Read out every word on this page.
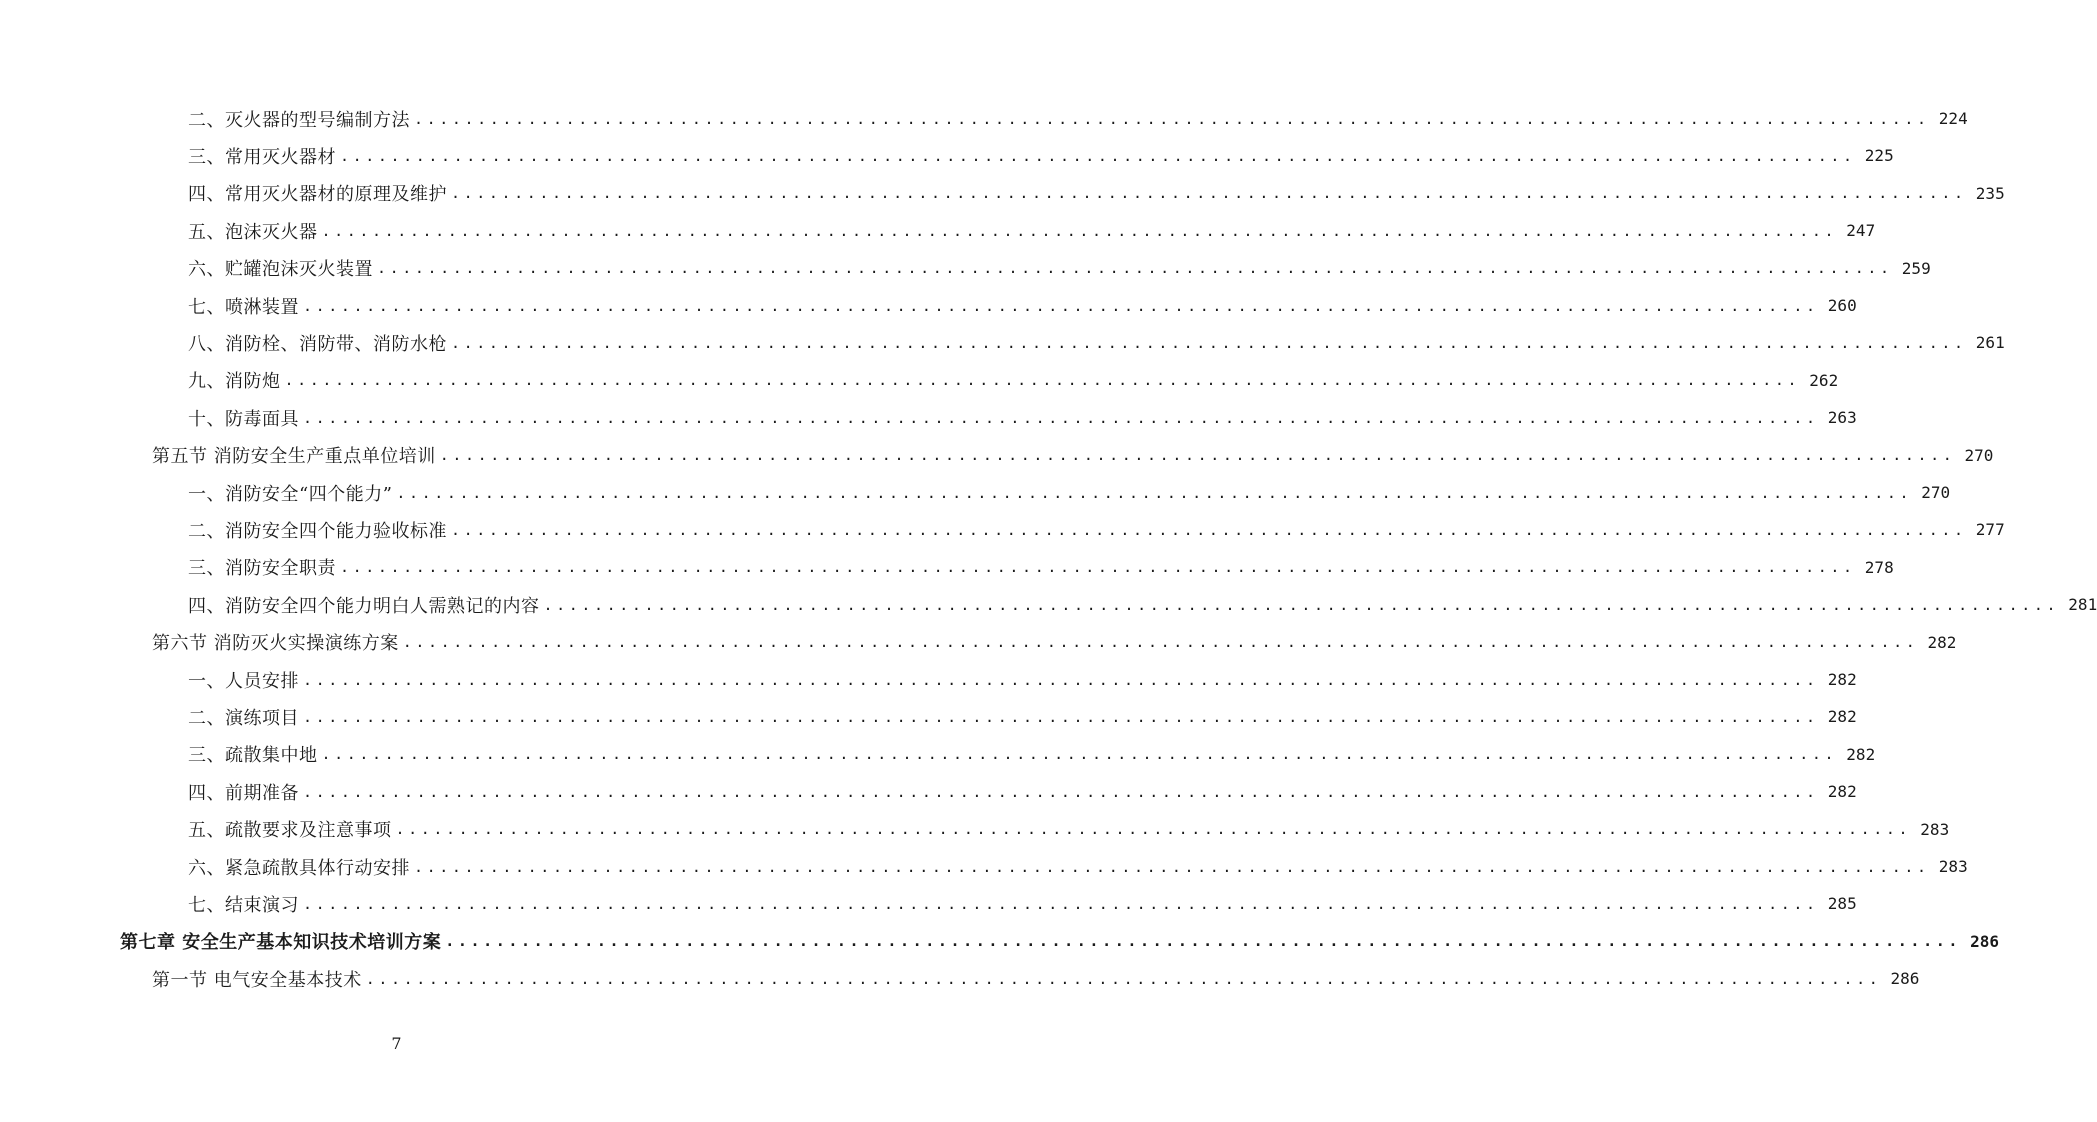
二、灭火器的型号编制方法 ........................................................................................................................ 224
三、常用灭火器材 ........................................................................................................................ 225
四、常用灭火器材的原理及维护 ........................................................................................................................ 235
五、泡沫灭火器 ........................................................................................................................ 247
六、贮罐泡沫灭火装置 ........................................................................................................................ 259
七、喷淋装置 ........................................................................................................................ 260
八、消防栓、消防带、消防水枪 ........................................................................................................................ 261
九、消防炮 ........................................................................................................................ 262
十、防毒面具 ........................................................................................................................ 263
第五节 消防安全生产重点单位培训 ........................................................................................................................ 270
一、消防安全“四个能力” ........................................................................................................................ 270
二、消防安全四个能力验收标准 ........................................................................................................................ 277
三、消防安全职责 ........................................................................................................................ 278
四、消防安全四个能力明白人需熟记的内容 ........................................................................................................................ 281
第六节 消防灭火实操演练方案 ........................................................................................................................ 282
一、人员安排 ........................................................................................................................ 282
二、演练项目 ........................................................................................................................ 282
三、疏散集中地 ........................................................................................................................ 282
四、前期准备 ........................................................................................................................ 282
五、疏散要求及注意事项 ........................................................................................................................ 283
六、紧急疏散具体行动安排 ........................................................................................................................ 283
七、结束演习 ........................................................................................................................ 285
第七章 安全生产基本知识技术培训方案 ........................................................................................................................ 286
第一节 电气安全基本技术 ........................................................................................................................ 286
7
